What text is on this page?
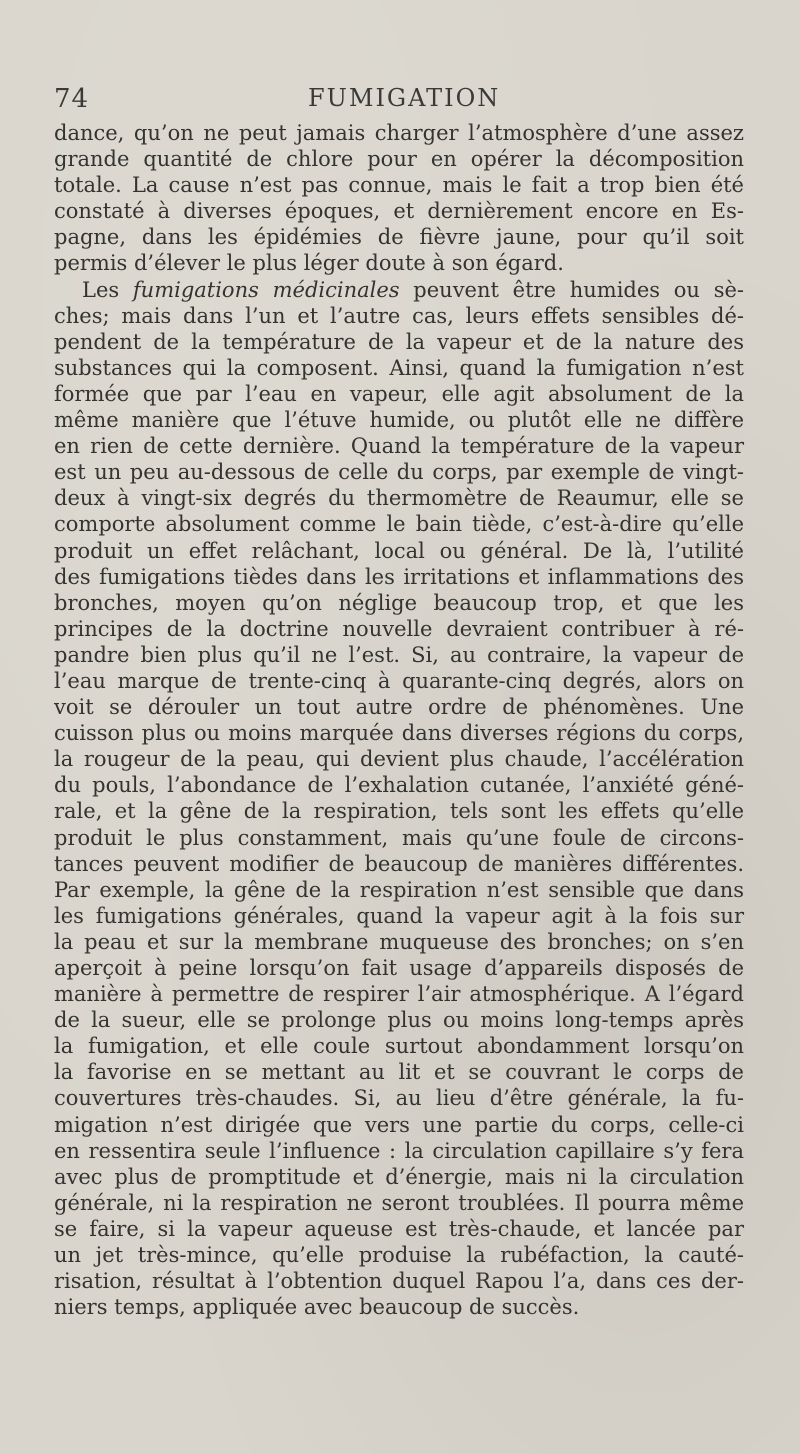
74	FUMIGATION
dance, qu’on ne peut jamais charger l’atmosphère d’une assez
grande quantité de chlore pour en opérer la décomposition
totale. La cause n’est pas connue, mais le fait a trop bien été
constaté à diverses époques, et dernièrement encore en Es-
pagne, dans les épidémies de fièvre jaune, pour qu’il soit
permis d’élever le plus léger doute à son égard.
Les fumigations médicinales peuvent être humides ou sè-
ches; mais dans l’un et l’autre cas, leurs effets sensibles dé-
pendent de la température de la vapeur et de la nature des
substances qui la composent. Ainsi, quand la fumigation n’est
formée que par l’eau en vapeur, elle agit absolument de la
même manière que l’étuve humide, ou plutôt elle ne diffère
en rien de cette dernière. Quand la température de la vapeur
est un peu au-dessous de celle du corps, par exemple de vingt-
deux à vingt-six degrés du thermomètre de Reaumur, elle se
comporte absolument comme le bain tiède, c’est-à-dire qu’elle
produit un effet relâchant, local ou général. De là, l’utilité
des fumigations tièdes dans les irritations et inflammations des
bronches, moyen qu’on néglige beaucoup trop, et que les
principes de la doctrine nouvelle devraient contribuer à ré-
pandre bien plus qu’il ne l’est. Si, au contraire, la vapeur de
l’eau marque de trente-cinq à quarante-cinq degrés, alors on
voit se dérouler un tout autre ordre de phénomènes. Une
cuisson plus ou moins marquée dans diverses régions du corps,
la rougeur de la peau, qui devient plus chaude, l’accélération
du pouls, l’abondance de l’exhalation cutanée, l’anxiété géné-
rale, et la gêne de la respiration, tels sont les effets qu’elle
produit le plus constamment, mais qu’une foule de circons-
tances peuvent modifier de beaucoup de manières différentes.
Par exemple, la gêne de la respiration n’est sensible que dans
les fumigations générales, quand la vapeur agit à la fois sur
la peau et sur la membrane muqueuse des bronches; on s’en
aperçoit à peine lorsqu’on fait usage d’appareils disposés de
manière à permettre de respirer l’air atmosphérique. A l’égard
de la sueur, elle se prolonge plus ou moins long-temps après
la fumigation, et elle coule surtout abondamment lorsqu’on
la favorise en se mettant au lit et se couvrant le corps de
couvertures très-chaudes. Si, au lieu d’être générale, la fu-
migation n’est dirigée que vers une partie du corps, celle-ci
en ressentira seule l’influence : la circulation capillaire s’y fera
avec plus de promptitude et d’énergie, mais ni la circulation
générale, ni la respiration ne seront troublées. Il pourra même
se faire, si la vapeur aqueuse est très-chaude, et lancée par
un jet très-mince, qu’elle produise la rubéfaction, la cauté-
risation, résultat à l’obtention duquel Rapou l’a, dans ces der-
niers temps, appliquée avec beaucoup de succès.
